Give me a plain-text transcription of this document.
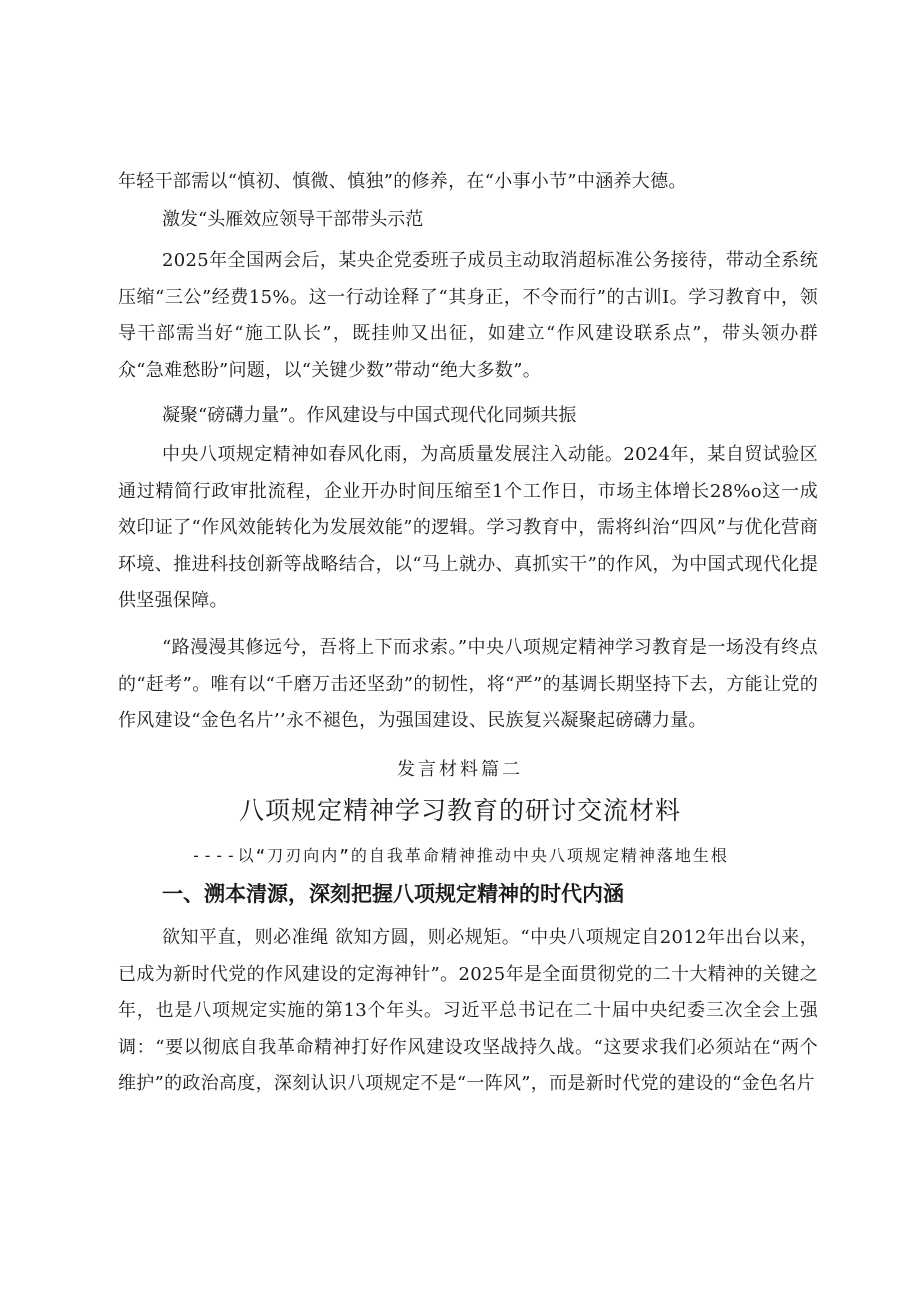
年轻干部需以“慎初、慎微、慎独”的修养，在“小事小节”中涵养大德。

激发“头雁效应领导干部带头示范

2025年全国两会后，某央企党委班子成员主动取消超标准公务接待，带动全系统压缩“三公”经费15%。这一行动诠释了“其身正，不令而行”的古训I。学习教育中，领导干部需当好“施工队长”，既挂帅又出征，如建立“作风建设联系点”，带头领办群众“急难愁盼”问题，以“关键少数”带动“绝大多数”。

凝聚“磅礴力量”。作风建设与中国式现代化同频共振

中央八项规定精神如春风化雨，为高质量发展注入动能。2024年，某自贸试验区通过精简行政审批流程，企业开办时间压缩至1个工作日，市场主体增长28%o这一成效印证了“作风效能转化为发展效能”的逻辑。学习教育中，需将纠治“四风”与优化营商环境、推进科技创新等战略结合，以“马上就办、真抓实干”的作风，为中国式现代化提供坚强保障。

“路漫漫其修远兮，吾将上下而求索。”中央八项规定精神学习教育是一场没有终点的“赶考”。唯有以“千磨万击还坚劲”的韧性，将“严”的基调长期坚持下去，方能让党的作风建设“金色名片’’永不褪色，为强国建设、民族复兴凝聚起磅礴力量。

发言材料篇二

八项规定精神学习教育的研讨交流材料

----以“刀刃向内”的自我革命精神推动中央八项规定精神落地生根

一、溯本清源，深刻把握八项规定精神的时代内涵

欲知平直，则必准绳 欲知方圆，则必规矩。“中央八项规定自2012年出台以来，已成为新时代党的作风建设的定海神针”。2025年是全面贯彻党的二十大精神的关键之年，也是八项规定实施的第13个年头。习近平总书记在二十届中央纪委三次全会上强调：“要以彻底自我革命精神打好作风建设攻坚战持久战。“这要求我们必须站在“两个维护”的政治高度，深刻认识八项规定不是“一阵风”，而是新时代党的建设的“金色名片
